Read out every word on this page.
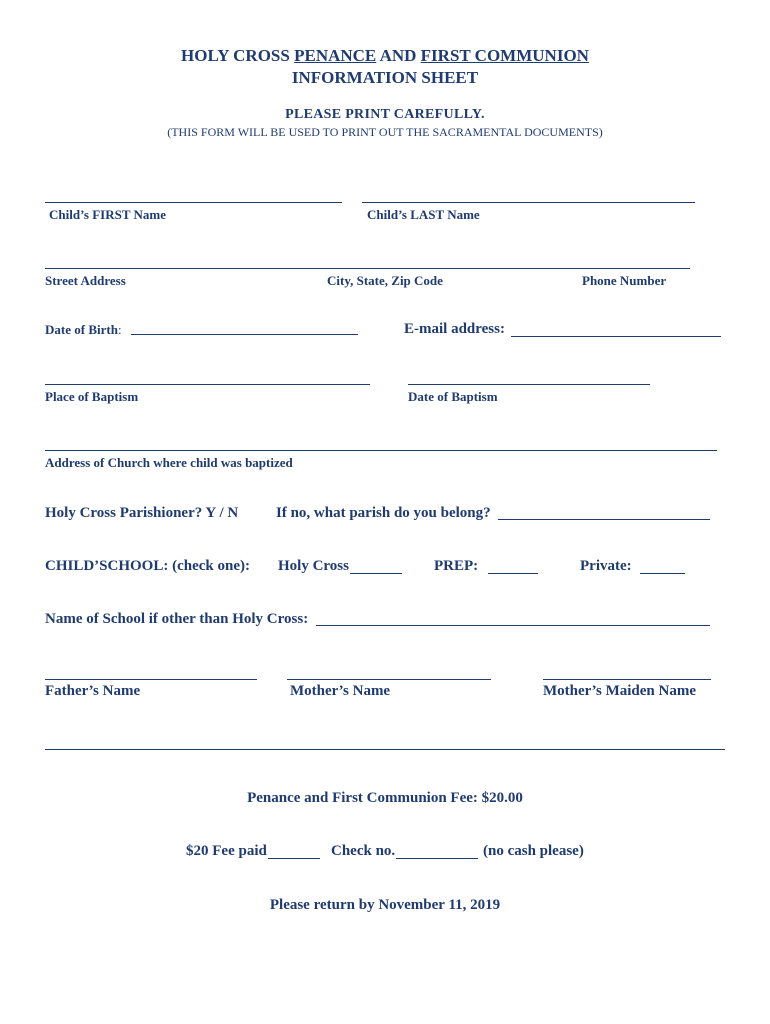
HOLY CROSS PENANCE AND FIRST COMMUNION
INFORMATION SHEET
PLEASE PRINT CAREFULLY.
(THIS FORM WILL BE USED TO PRINT OUT THE SACRAMENTAL DOCUMENTS)
Child’s FIRST Name	Child’s LAST Name
Street Address	City, State, Zip Code	Phone Number
Date of Birth:	E-mail address:
Place of Baptism	Date of Baptism
Address of Church where child was baptized
Holy Cross Parishioner? Y / N	If no, what parish do you belong?
CHILD’SCHOOL: (check one): Holy Cross	PREP:	Private:
Name of School if other than Holy Cross:
Father’s Name	Mother’s Name	Mother’s Maiden Name
Penance and First Communion Fee: $20.00
$20 Fee paid	Check no.	(no cash please)
Please return by November 11, 2019
